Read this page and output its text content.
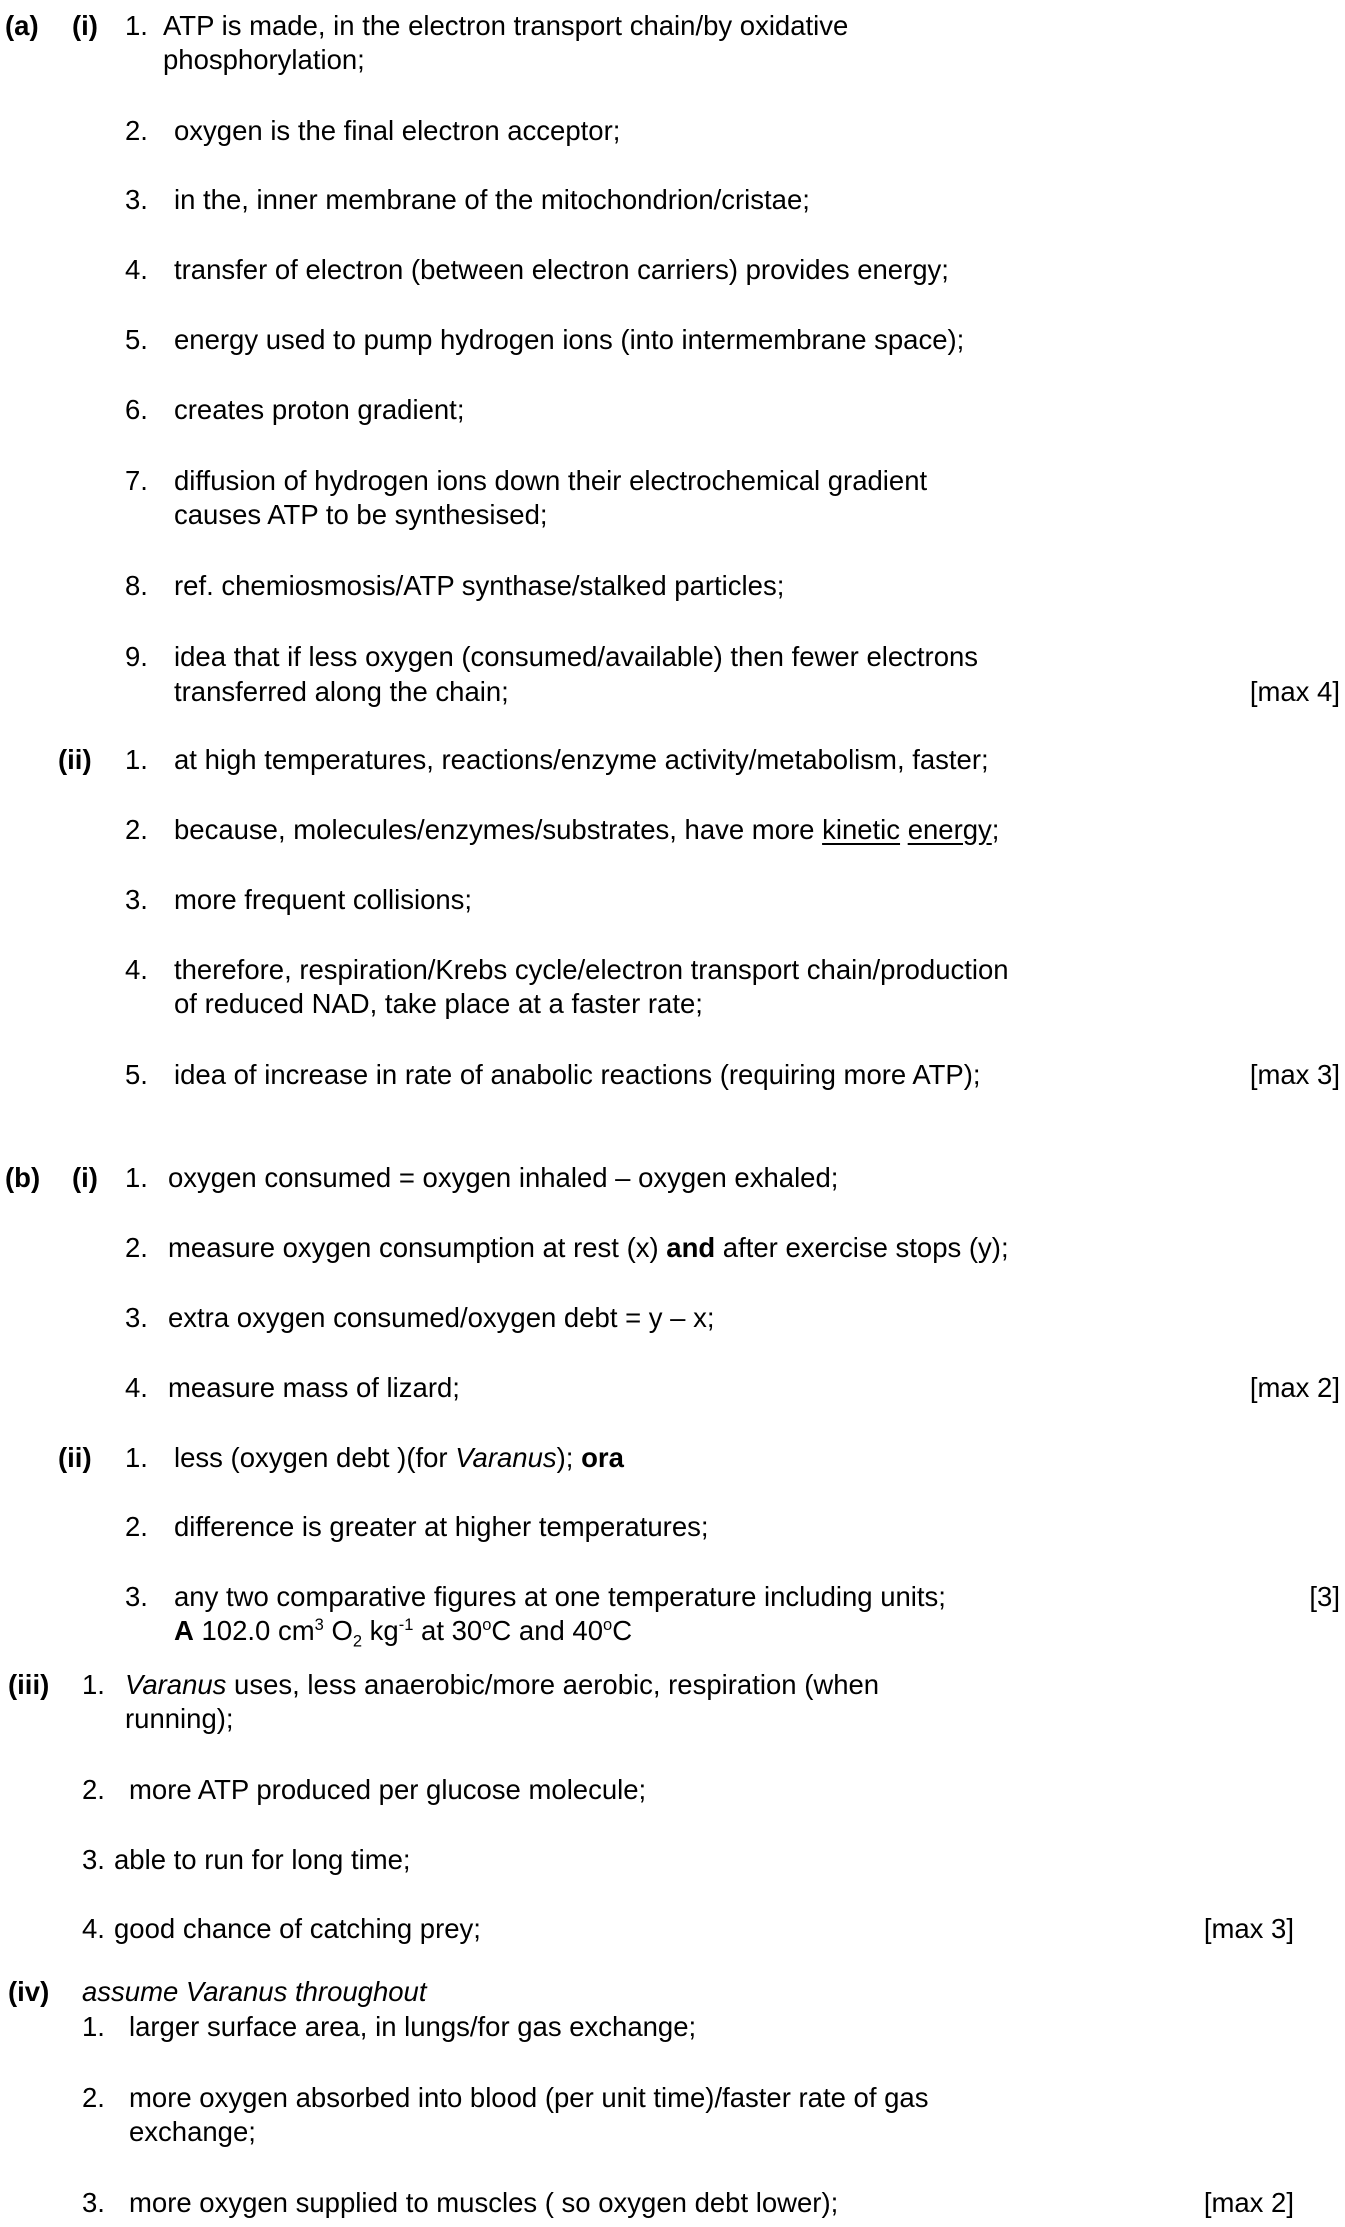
(a) (i) 1. ATP is made, in the electron transport chain/by oxidative
phosphorylation;
2. oxygen is the final electron acceptor;
3. in the, inner membrane of the mitochondrion/cristae;
4. transfer of electron (between electron carriers) provides energy;
5. energy used to pump hydrogen ions (into intermembrane space);
6. creates proton gradient;
7. diffusion of hydrogen ions down their electrochemical gradient
causes ATP to be synthesised;
8. ref. chemiosmosis/ATP synthase/stalked particles;
9. idea that if less oxygen (consumed/available) then fewer electrons
transferred along the chain;	[max 4]
(ii) 1. at high temperatures, reactions/enzyme activity/metabolism, faster;
2. because, molecules/enzymes/substrates, have more kinetic energy;
3. more frequent collisions;
4. therefore, respiration/Krebs cycle/electron transport chain/production
of reduced NAD, take place at a faster rate;
5. idea of increase in rate of anabolic reactions (requiring more ATP);	[max 3]
(b) (i) 1. oxygen consumed = oxygen inhaled – oxygen exhaled;
2. measure oxygen consumption at rest (x) and after exercise stops (y);
3. extra oxygen consumed/oxygen debt = y – x;
4. measure mass of lizard;	[max 2]
(ii) 1. less (oxygen debt )(for Varanus); ora
2. difference is greater at higher temperatures;
3. any two comparative figures at one temperature including units;	[3]
A 102.0 $cm^3$ $O_2$ $kg^{-1}$ at 30$^o$C and 40$^o$C
(iii) 1. Varanus uses, less anaerobic/more aerobic, respiration (when
running);
2. more ATP produced per glucose molecule;
3. able to run for long time;
4. good chance of catching prey;	[max 3]
(iv) assume Varanus throughout
1. larger surface area, in lungs/for gas exchange;
2. more oxygen absorbed into blood (per unit time)/faster rate of gas
exchange;
3. more oxygen supplied to muscles ( so oxygen debt lower);	[max 2]
